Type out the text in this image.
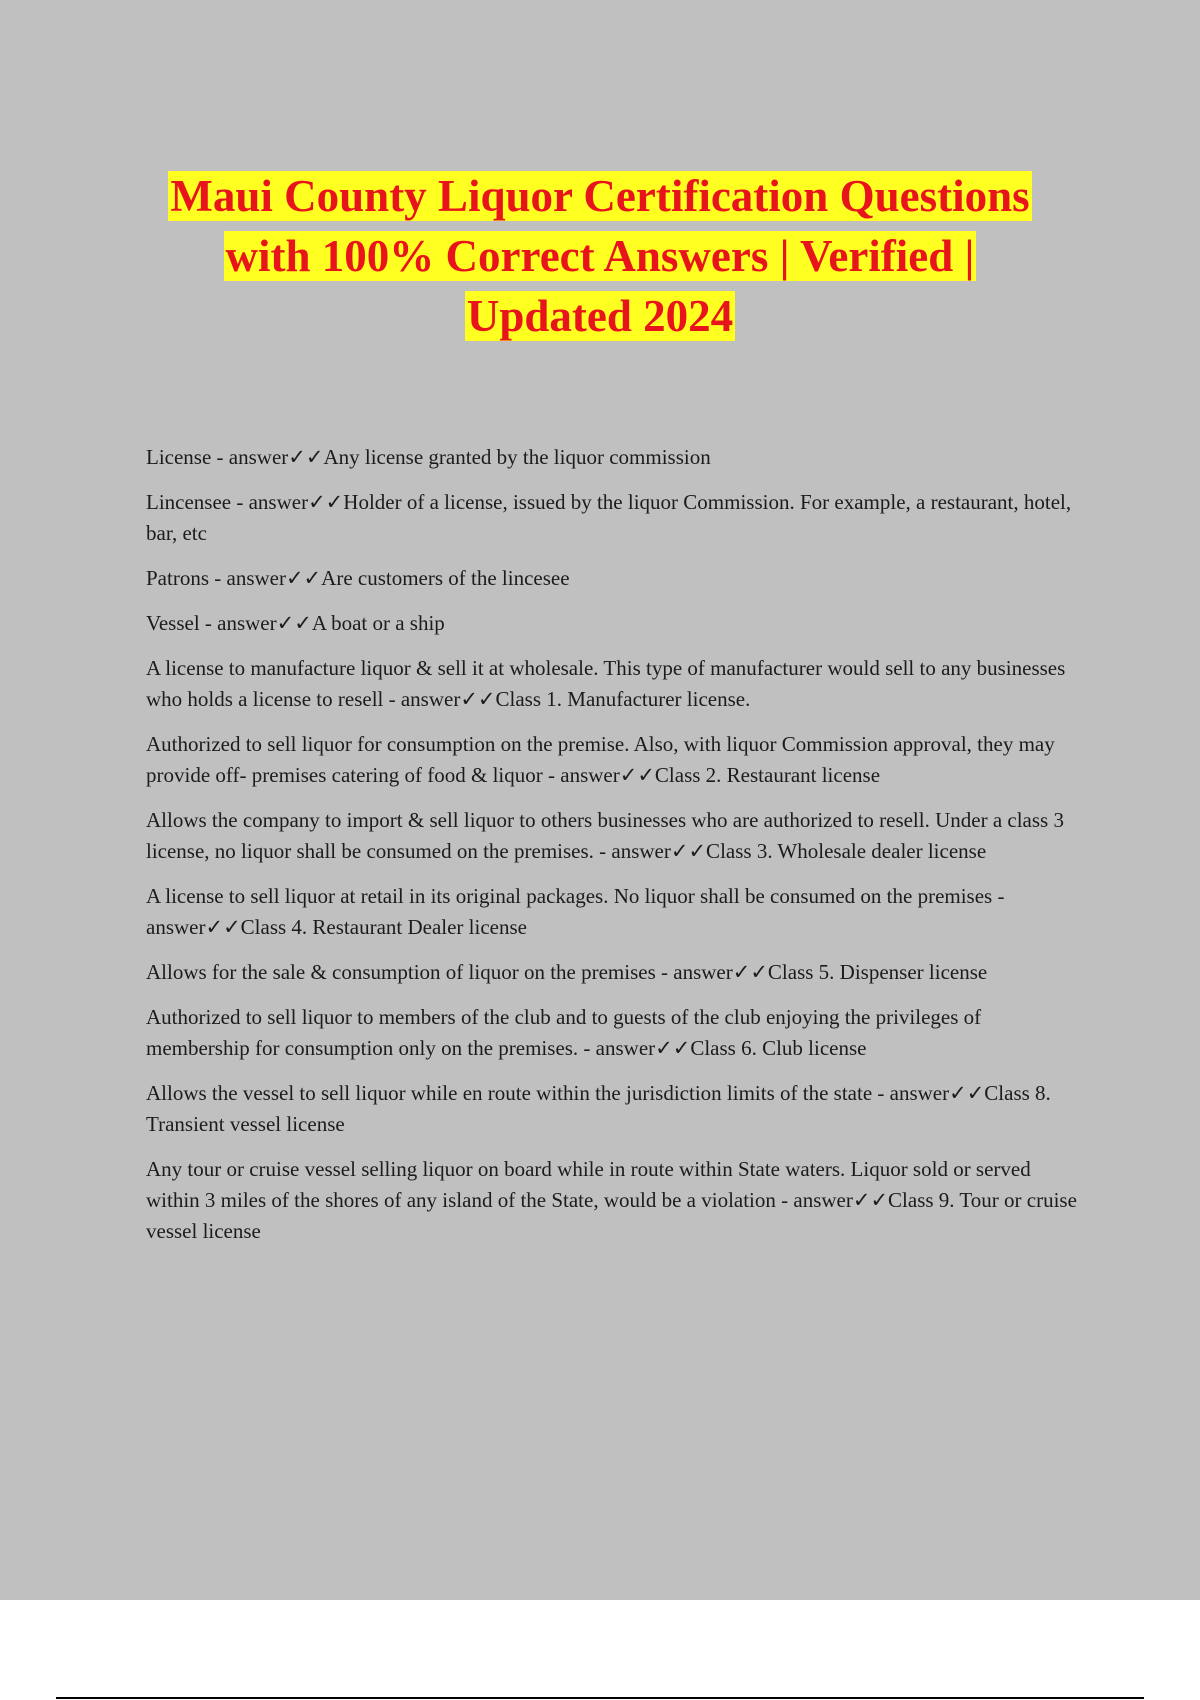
Maui County Liquor Certification Questions
with 100% Correct Answers | Verified |
Updated 2024

License - answer✓✓Any license granted by the liquor commission

Lincensee - answer✓✓Holder of a license, issued by the liquor Commission. For example, a restaurant, hotel, bar, etc

Patrons - answer✓✓Are customers of the lincesee

Vessel - answer✓✓A boat or a ship

A license to manufacture liquor & sell it at wholesale. This type of manufacturer would sell to any businesses who holds a license to resell - answer✓✓Class 1. Manufacturer license.

Authorized to sell liquor for consumption on the premise. Also, with liquor Commission approval, they may provide off- premises catering of food & liquor - answer✓✓Class 2. Restaurant license

Allows the company to import & sell liquor to others businesses who are authorized to resell. Under a class 3 license, no liquor shall be consumed on the premises. - answer✓✓Class 3. Wholesale dealer license

A license to sell liquor at retail in its original packages. No liquor shall be consumed on the premises - answer✓✓Class 4. Restaurant Dealer license

Allows for the sale & consumption of liquor on the premises - answer✓✓Class 5. Dispenser license

Authorized to sell liquor to members of the club and to guests of the club enjoying the privileges of membership for consumption only on the premises. - answer✓✓Class 6. Club license

Allows the vessel to sell liquor while en route within the jurisdiction limits of the state - answer✓✓Class 8. Transient vessel license

Any tour or cruise vessel selling liquor on board while in route within State waters. Liquor sold or served within 3 miles of the shores of any island of the State, would be a violation - answer✓✓Class 9. Tour or cruise vessel license
